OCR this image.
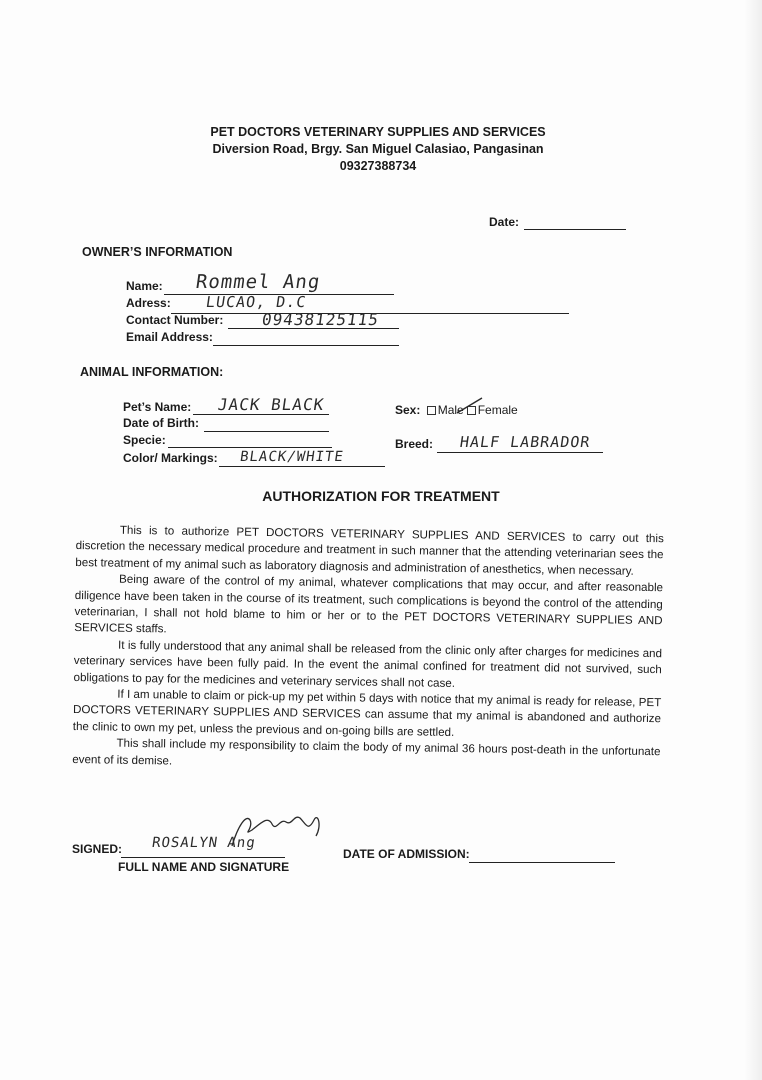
PET DOCTORS VETERINARY SUPPLIES AND SERVICES
Diversion Road, Brgy. San Miguel Calasiao, Pangasinan
09327388734
Date:
OWNER’S INFORMATION
Name: Rommel Ang
Adress: LUCAO, D.C
Contact Number: 09438125115
Email Address:
ANIMAL INFORMATION:
Pet’s Name: JACK BLACK
Date of Birth:
Specie:
Color/ Markings: BLACK/WHITE
Sex: Male Female
Breed: HALF LABRADOR
AUTHORIZATION FOR TREATMENT

This is to authorize PET DOCTORS VETERINARY SUPPLIES AND SERVICES to carry out this discretion the necessary medical procedure and treatment in such manner that the attending veterinarian sees the best treatment of my animal such as laboratory diagnosis and administration of anesthetics, when necessary.

Being aware of the control of my animal, whatever complications that may occur, and after reasonable diligence have been taken in the course of its treatment, such complications is beyond the control of the attending veterinarian, I shall not hold blame to him or her or to the PET DOCTORS VETERINARY SUPPLIES AND SERVICES staffs.

It is fully understood that any animal shall be released from the clinic only after charges for medicines and veterinary services have been fully paid. In the event the animal confined for treatment did not survived, such obligations to pay for the medicines and veterinary services shall not case.

If I am unable to claim or pick-up my pet within 5 days with notice that my animal is ready for release, PET DOCTORS VETERINARY SUPPLIES AND SERVICES can assume that my animal is abandoned and authorize the clinic to own my pet, unless the previous and on-going bills are settled.

This shall include my responsibility to claim the body of my animal 36 hours post-death in the unfortunate event of its demise.

SIGNED: ROSALYN Ang
FULL NAME AND SIGNATURE
DATE OF ADMISSION:
